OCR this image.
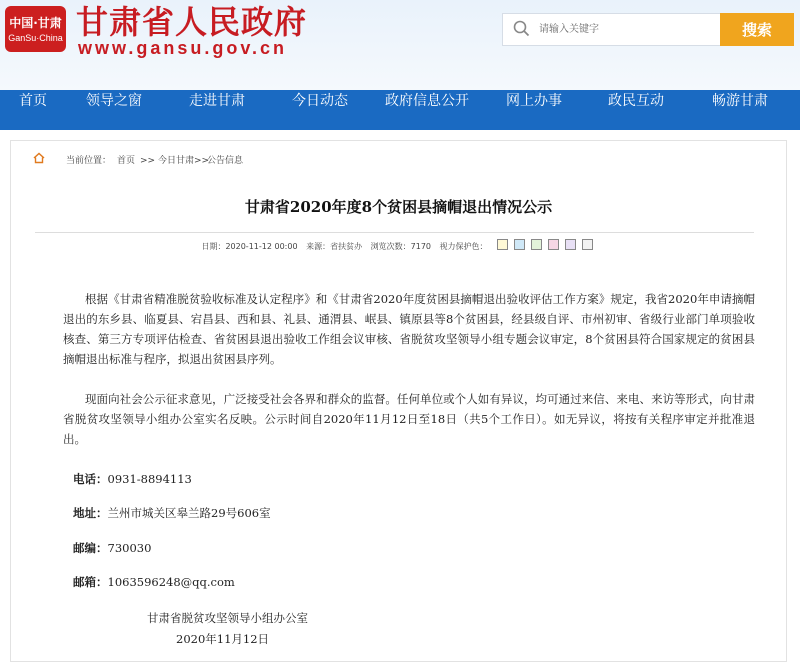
中国·甘肃
GanSu·China 甘肃省人民政府
www.gansu.gov.cn
请输入关键字
搜索
首页	领导之窗	走进甘肃	今日动态	政府信息公开	网上办事	政民互动	畅游甘肃
当前位置： 首页 >> 今日甘肃>>
公告信息
甘肃省2020年度8个贫困县摘帽退出情况公示
日期：2020-11-12 00:00 来源：省扶贫办 浏览次数：7170 视力保护色：
根据《甘肃省精准脱贫验收标准及认定程序》和《甘肃省2020年度贫困县摘帽退出验收评估工作方案》规定，我省2020年申请摘帽退出的东乡县、临夏县、宕昌县、西和县、礼县、通渭县、岷县、镇原县等8个贫困县，经县级自评、市州初审、省级行业部门单项验收核查、第三方专项评估检查、省贫困县退出验收工作组会议审核、省脱贫攻坚领导小组专题会议审定，8个贫困县符合国家规定的贫困县摘帽退出标准与程序，拟退出贫困县序列。
现面向社会公示征求意见，广泛接受社会各界和群众的监督。任何单位或个人如有异议，均可通过来信、来电、来访等形式，向甘肃省脱贫攻坚领导小组办公室实名反映。公示时间自2020年11月12日至18日（共5个工作日）。如无异议，将按有关程序审定并批准退出。
电话：0931-8894113
地址：兰州市城关区皋兰路29号606室
邮编：730030
邮箱：1063596248@qq.com
甘肃省脱贫攻坚领导小组办公室
2020年11月12日
